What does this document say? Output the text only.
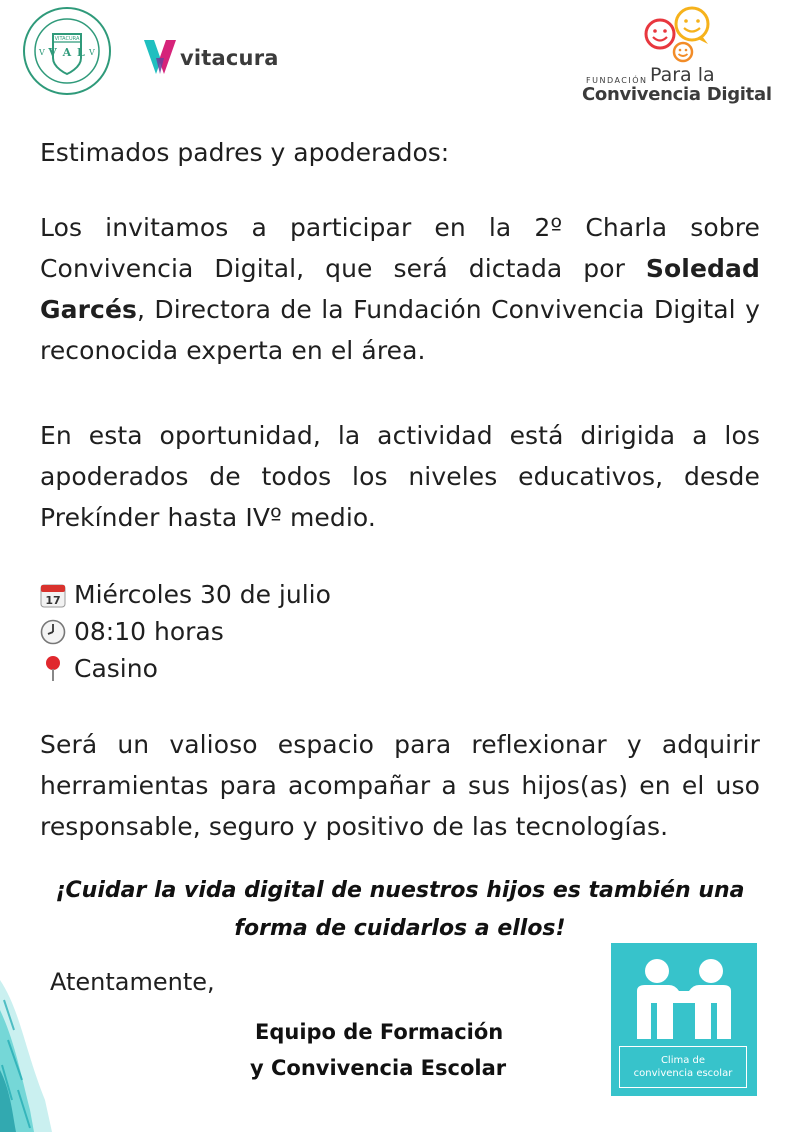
VITACURA
V	V
V A L	vitacura
FUNDACIÓN Para la
Convivencia Digital
Estimados padres y apoderados:
Los invitamos a participar en la 2º Charla sobre Convivencia Digital, que será dictada por Soledad Garcés, Directora de la Fundación Convivencia Digital y reconocida experta en el área.
En esta oportunidad, la actividad está dirigida a los apoderados de todos los niveles educativos, desde Prekínder hasta IVº medio.
17 Miércoles 30 de julio
08:10 horas
Casino
Será un valioso espacio para reflexionar y adquirir herramientas para acompañar a sus hijos(as) en el uso responsable, seguro y positivo de las tecnologías.
¡Cuidar la vida digital de nuestros hijos es también una
forma de cuidarlos a ellos!
Atentamente,
Equipo de Formación
y Convivencia Escolar	Clima de
convivencia escolar
